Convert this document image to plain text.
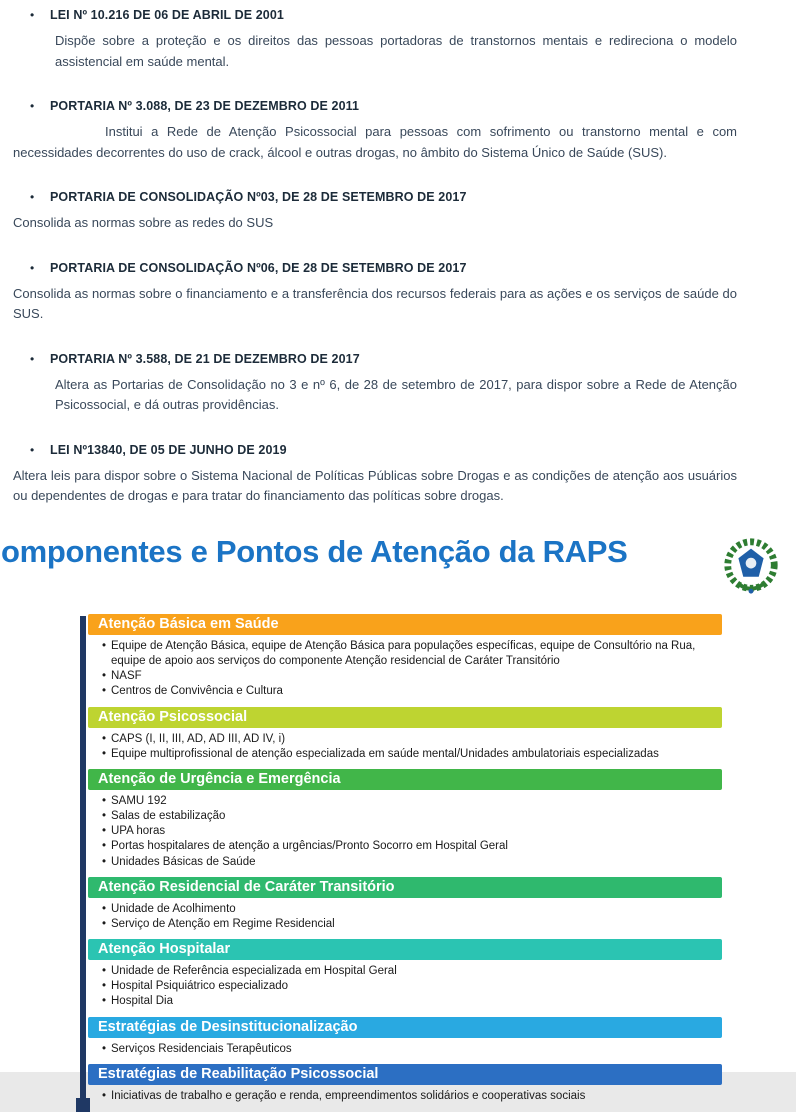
•	LEI Nº 10.216 DE 06 DE ABRIL DE 2001

Dispõe sobre a proteção e os direitos das pessoas portadoras de transtornos mentais e redireciona o modelo assistencial em saúde mental.

•	PORTARIA Nº 3.088, DE 23 DE DEZEMBRO DE 2011

Institui a Rede de Atenção Psicossocial para pessoas com sofrimento ou transtorno mental e com necessidades decorrentes do uso de crack, álcool e outras drogas, no âmbito do Sistema Único de Saúde (SUS).

•	PORTARIA DE CONSOLIDAÇÃO Nº03, DE 28 DE SETEMBRO DE 2017

Consolida as normas sobre as redes do SUS

•	PORTARIA DE CONSOLIDAÇÃO Nº06, DE 28 DE SETEMBRO DE 2017

Consolida as normas sobre o financiamento e a transferência dos recursos federais para as ações e os serviços de saúde do SUS.

•	PORTARIA Nº 3.588, DE 21 DE DEZEMBRO DE 2017

Altera as Portarias de Consolidação no 3 e nº 6, de 28 de setembro de 2017, para dispor sobre a Rede de Atenção Psicossocial, e dá outras providências.

•	LEI Nº13840, DE 05 DE JUNHO DE 2019

Altera leis para dispor sobre o Sistema Nacional de Políticas Públicas sobre Drogas e as condições de atenção aos usuários ou dependentes de drogas e para tratar do financiamento das políticas sobre drogas.

omponentes e Pontos de Atenção da RAPS
Atenção Básica em Saúde
• Equipe de Atenção Básica, equipe de Atenção Básica para populações específicas, equipe de Consultório na Rua, equipe de apoio aos serviços do componente Atenção residencial de Caráter Transitório
• NASF
• Centros de Convivência e Cultura
Atenção Psicossocial
• CAPS (I, II, III, AD, AD III, AD IV, i)
• Equipe multiprofissional de atenção especializada em saúde mental/Unidades ambulatoriais especializadas
Atenção de Urgência e Emergência
• SAMU 192
• Salas de estabilização
• UPA horas
• Portas hospitalares de atenção a urgências/Pronto Socorro em Hospital Geral
• Unidades Básicas de Saúde
Atenção Residencial de Caráter Transitório
• Unidade de Acolhimento
• Serviço de Atenção em Regime Residencial
Atenção Hospitalar
• Unidade de Referência especializada em Hospital Geral
• Hospital Psiquiátrico especializado
• Hospital Dia
Estratégias de Desinstitucionalização
• Serviços Residenciais Terapêuticos
Estratégias de Reabilitação Psicossocial
• Iniciativas de trabalho e geração e renda, empreendimentos solidários e cooperativas sociais
